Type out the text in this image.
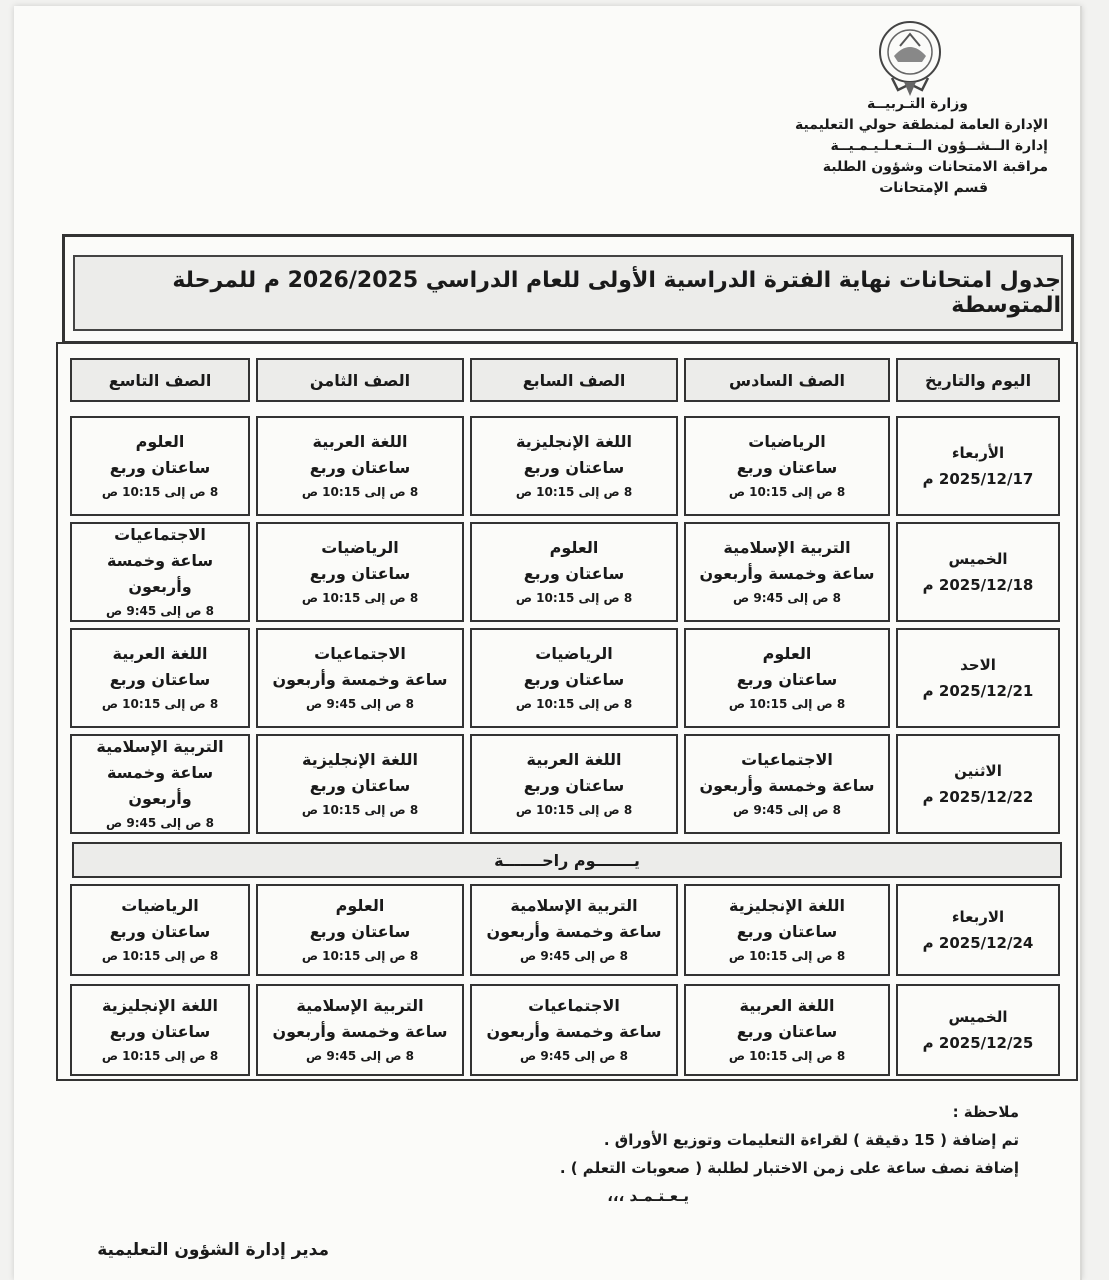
وزارة التـربيــة
الإدارة العامة لمنطقة حولي التعليمية
إدارة الــشــؤون الــتـعـلـيـمـيــة
مراقبة الامتحانات وشؤون الطلبة
قسم الإمتحانات
جدول امتحانات نهاية الفترة الدراسية الأولى للعام الدراسي 2026/2025 م للمرحلة المتوسطة
اليوم والتاريخ
الصف السادس
الصف السابع
الصف الثامن
الصف التاسع
الأربعاء
2025/12/17 م
الرياضيات
ساعتان وربع
8 ص إلى 10:15 ص
اللغة الإنجليزية
ساعتان وربع
8 ص إلى 10:15 ص
اللغة العربية
ساعتان وربع
8 ص إلى 10:15 ص
العلوم
ساعتان وربع
8 ص إلى 10:15 ص
الخميس
2025/12/18 م
التربية الإسلامية
ساعة وخمسة وأربعون
8 ص إلى 9:45 ص
العلوم
ساعتان وربع
8 ص إلى 10:15 ص
الرياضيات
ساعتان وربع
8 ص إلى 10:15 ص
الاجتماعيات
ساعة وخمسة
وأربعون
8 ص إلى 9:45 ص
الاحد
2025/12/21 م
العلوم
ساعتان وربع
8 ص إلى 10:15 ص
الرياضيات
ساعتان وربع
8 ص إلى 10:15 ص
الاجتماعيات
ساعة وخمسة وأربعون
8 ص إلى 9:45 ص
اللغة العربية
ساعتان وربع
8 ص إلى 10:15 ص
الاثنين
2025/12/22 م
الاجتماعيات
ساعة وخمسة وأربعون
8 ص إلى 9:45 ص
اللغة العربية
ساعتان وربع
8 ص إلى 10:15 ص
اللغة الإنجليزية
ساعتان وربع
8 ص إلى 10:15 ص
التربية الإسلامية
ساعة وخمسة
وأربعون
8 ص إلى 9:45 ص
يـــــــوم راحـــــــة
الاربعاء
2025/12/24 م
اللغة الإنجليزية
ساعتان وربع
8 ص إلى 10:15 ص
التربية الإسلامية
ساعة وخمسة وأربعون
8 ص إلى 9:45 ص
العلوم
ساعتان وربع
8 ص إلى 10:15 ص
الرياضيات
ساعتان وربع
8 ص إلى 10:15 ص
الخميس
2025/12/25 م
اللغة العربية
ساعتان وربع
8 ص إلى 10:15 ص
الاجتماعيات
ساعة وخمسة وأربعون
8 ص إلى 9:45 ص
التربية الإسلامية
ساعة وخمسة وأربعون
8 ص إلى 9:45 ص
اللغة الإنجليزية
ساعتان وربع
8 ص إلى 10:15 ص
ملاحظة :
تم إضافة ( 15 دقيقة ) لقراءة التعليمات وتوزيع الأوراق .
إضافة نصف ساعة على زمن الاختبار لطلبة ( صعوبات التعلم ) .
يـعـتـمـد ،،،
مدير إدارة الشؤون التعليمية
